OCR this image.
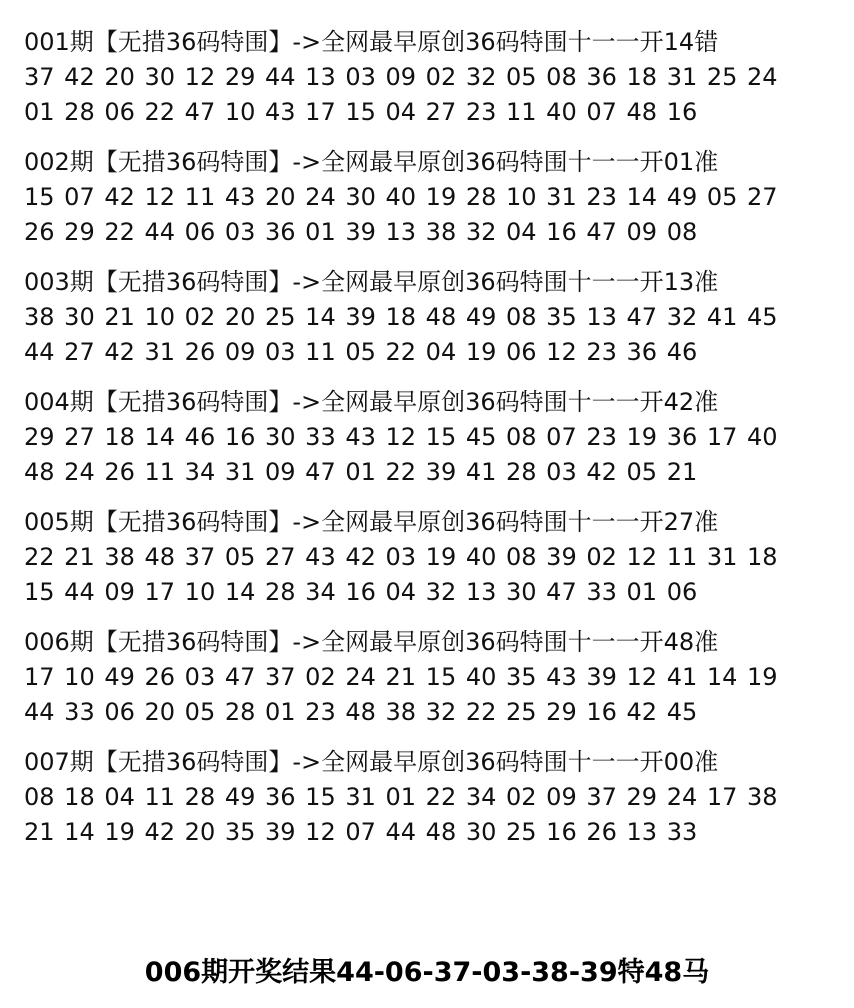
001期【无措36码特围】->全网最早原创36码特围十一一开14错
37 42 20 30 12 29 44 13 03 09 02 32 05 08 36 18 31 25 24
01 28 06 22 47 10 43 17 15 04 27 23 11 40 07 48 16
002期【无措36码特围】->全网最早原创36码特围十一一开01准
15 07 42 12 11 43 20 24 30 40 19 28 10 31 23 14 49 05 27
26 29 22 44 06 03 36 01 39 13 38 32 04 16 47 09 08
003期【无措36码特围】->全网最早原创36码特围十一一开13准
38 30 21 10 02 20 25 14 39 18 48 49 08 35 13 47 32 41 45
44 27 42 31 26 09 03 11 05 22 04 19 06 12 23 36 46
004期【无措36码特围】->全网最早原创36码特围十一一开42准
29 27 18 14 46 16 30 33 43 12 15 45 08 07 23 19 36 17 40
48 24 26 11 34 31 09 47 01 22 39 41 28 03 42 05 21
005期【无措36码特围】->全网最早原创36码特围十一一开27准
22 21 38 48 37 05 27 43 42 03 19 40 08 39 02 12 11 31 18
15 44 09 17 10 14 28 34 16 04 32 13 30 47 33 01 06
006期【无措36码特围】->全网最早原创36码特围十一一开48准
17 10 49 26 03 47 37 02 24 21 15 40 35 43 39 12 41 14 19
44 33 06 20 05 28 01 23 48 38 32 22 25 29 16 42 45
007期【无措36码特围】->全网最早原创36码特围十一一开00准
08 18 04 11 28 49 36 15 31 01 22 34 02 09 37 29 24 17 38
21 14 19 42 20 35 39 12 07 44 48 30 25 16 26 13 33
006期开奖结果44-06-37-03-38-39特48马
